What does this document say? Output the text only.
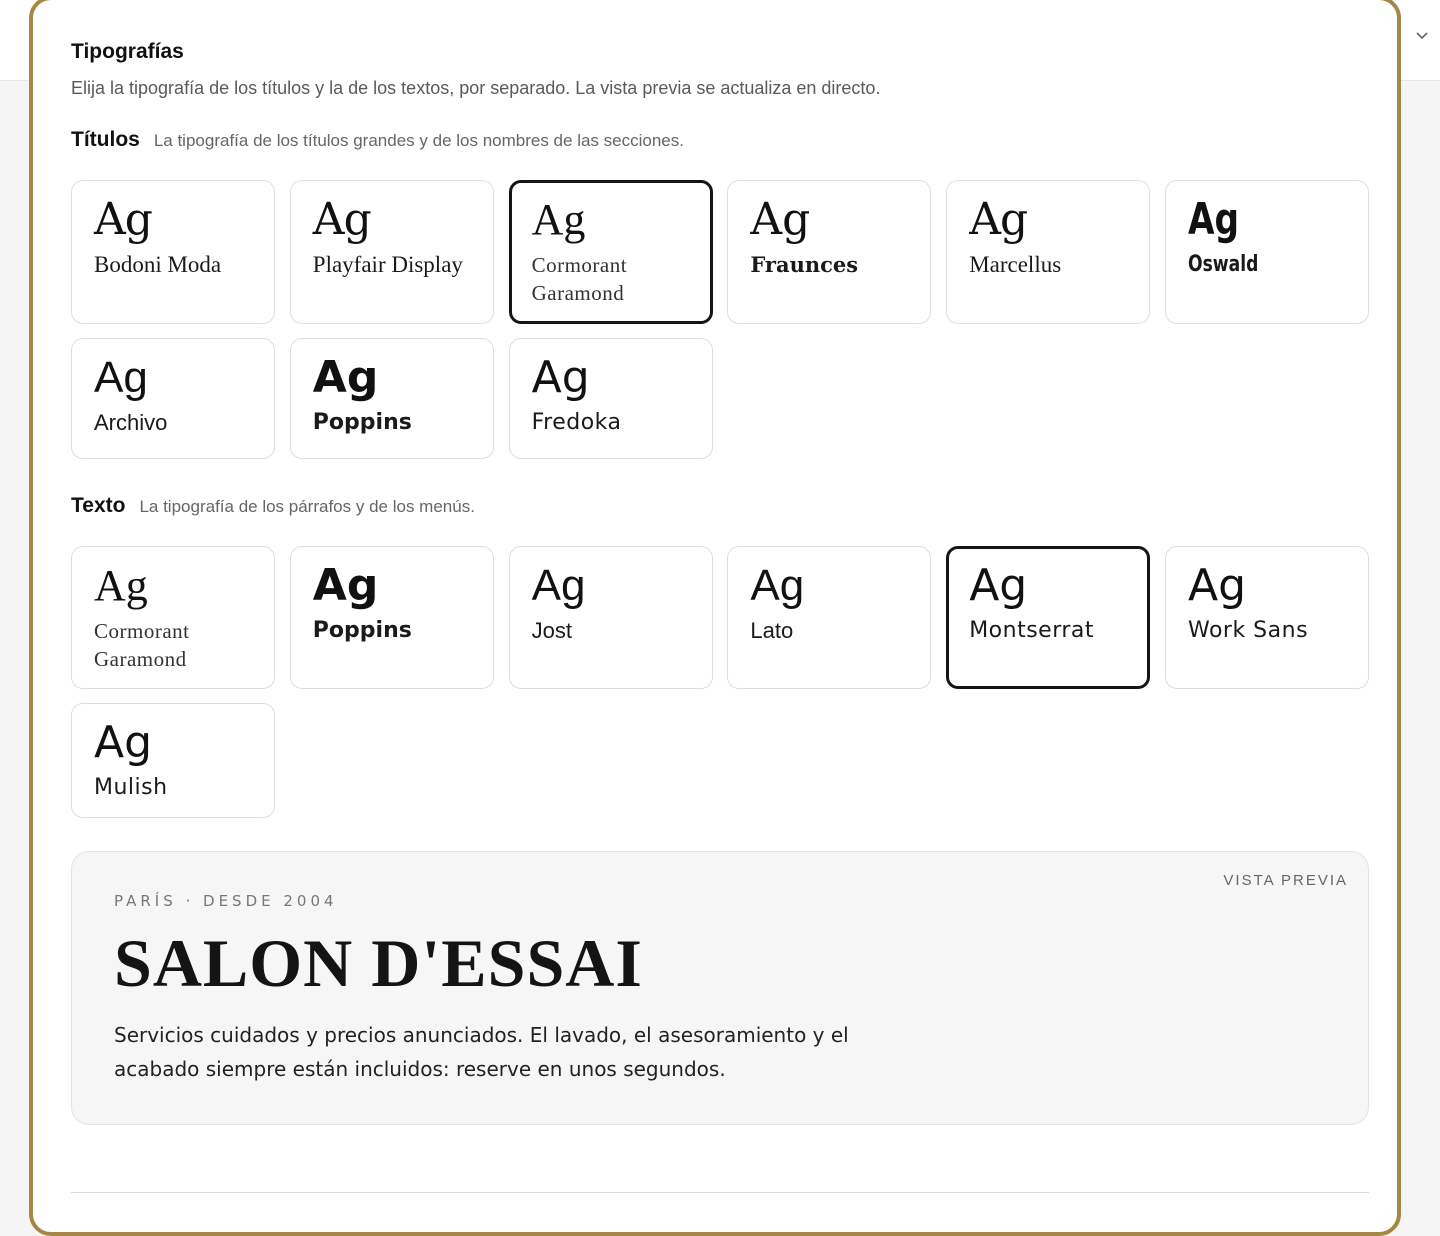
Tipografías

Elija la tipografía de los títulos y la de los textos, por separado. La vista previa se actualiza en directo.

Títulos La tipografía de los títulos grandes y de los nombres de las secciones.
Ag
Bodoni Moda
Ag
Playfair Display
Ag
Cormorant Garamond
Ag
Fraunces
Ag
Marcellus
Ag
Oswald
Ag
Archivo
Ag
Poppins
Ag
Fredoka
Texto La tipografía de los párrafos y de los menús.
Ag
Cormorant Garamond
Ag
Poppins
Ag
Jost
Ag
Lato
Ag
Montserrat
Ag
Work Sans
Ag
Mulish
VISTA PREVIA
PARÍS · DESDE 2004
SALON D'ESSAI

Servicios cuidados y precios anunciados. El lavado, el asesoramiento y el acabado siempre están incluidos: reserve en unos segundos.
